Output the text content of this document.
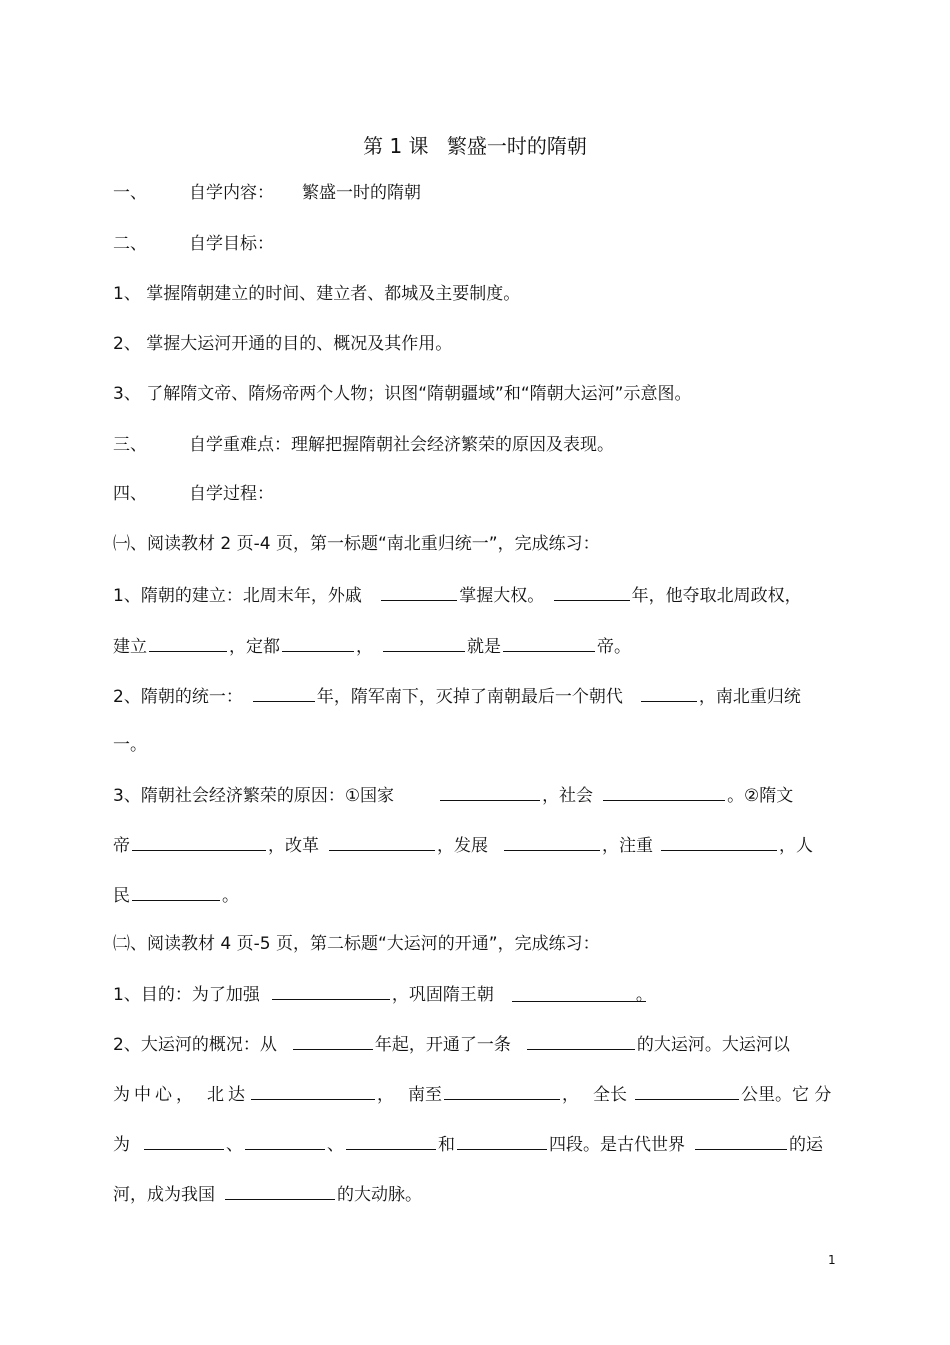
第 1 课 繁盛一时的隋朝
一、 自学内容： 繁盛一时的隋朝
二、 自学目标：
1、 掌握隋朝建立的时间、建立者、都城及主要制度。
2、 掌握大运河开通的目的、概况及其作用。
3、 了解隋文帝、隋炀帝两个人物；识图“隋朝疆域”和“隋朝大运河”示意图。
三、 自学重难点：理解把握隋朝社会经济繁荣的原因及表现。
四、 自学过程：
㈠、阅读教材 2 页-4 页，第一标题“南北重归统一”，完成练习：
1、隋朝的建立：北周末年，外戚	掌握大权。	年，他夺取北周政权，
建立	，定都	，	就是	帝。
2、隋朝的统一：	年，隋军南下，灭掉了南朝最后一个朝代	，南北重归统
一。
3、隋朝社会经济繁荣的原因：①国家	，社会	。②隋文
帝	，改革	，发展	，注重	，人
民	。
㈡、阅读教材 4 页-5 页，第二标题“大运河的开通”，完成练习：
1、目的：为了加强	，巩固隋王朝	。
2、大运河的概况：从	年起，开通了一条	的大运河。大运河以
为中心， 北达	， 南至	， 全长	公里。它 分
为	、	、	和	四段。是古代世界	的运
河，成为我国	的大动脉。
1
